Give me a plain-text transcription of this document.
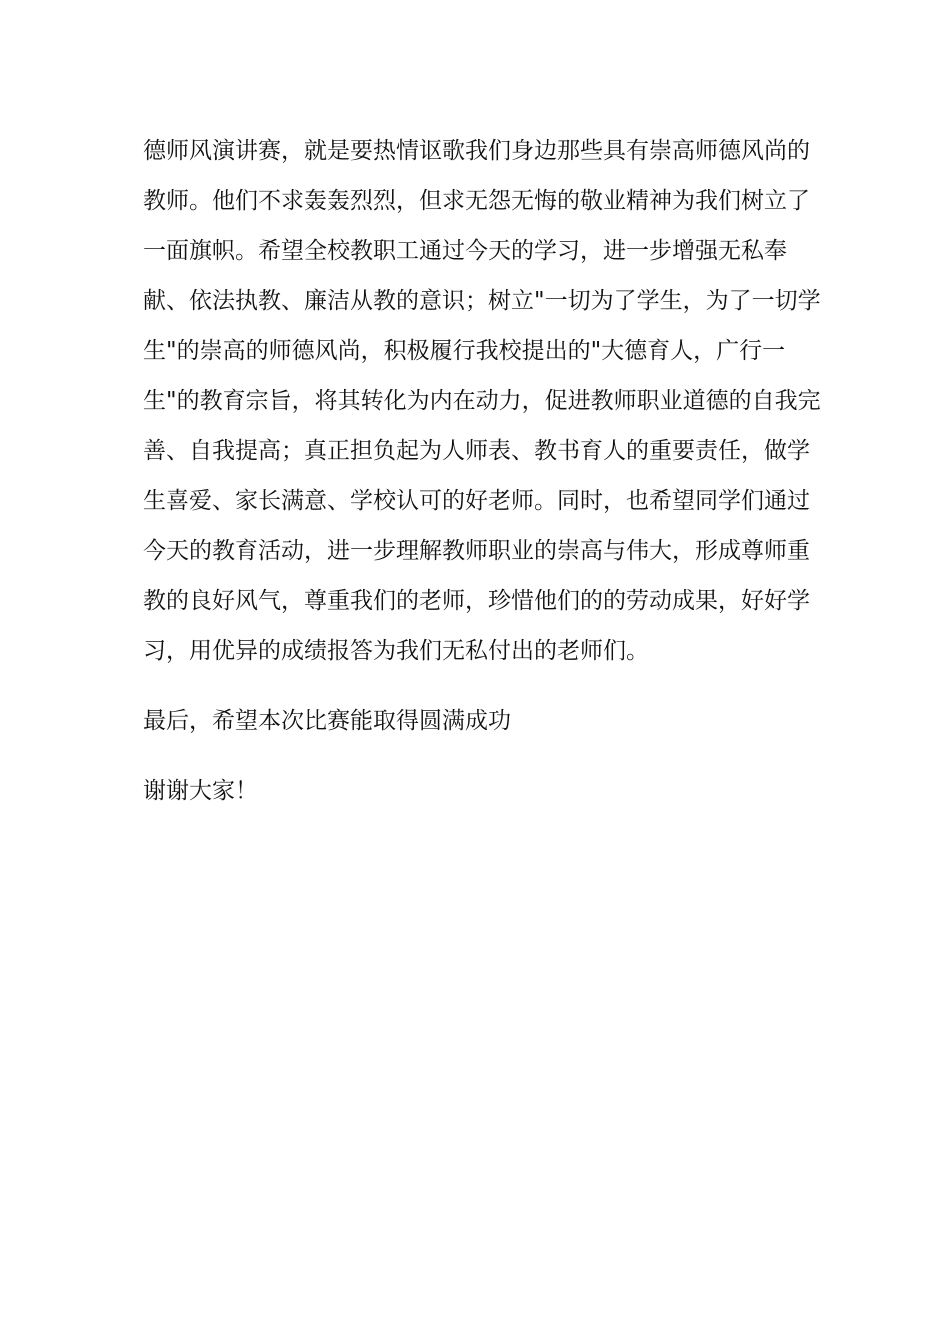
德师风演讲赛，就是要热情讴歌我们身边那些具有崇高师德风尚的教师。他们不求轰轰烈烈，但求无怨无悔的敬业精神为我们树立了一面旗帜。希望全校教职工通过今天的学习，进一步增强无私奉献、依法执教、廉洁从教的意识；树立"一切为了学生，为了一切学生"的崇高的师德风尚，积极履行我校提出的"大德育人，广行一生"的教育宗旨，将其转化为内在动力，促进教师职业道德的自我完善、自我提高；真正担负起为人师表、教书育人的重要责任，做学生喜爱、家长满意、学校认可的好老师。同时，也希望同学们通过今天的教育活动，进一步理解教师职业的崇高与伟大，形成尊师重教的良好风气，尊重我们的老师，珍惜他们的的劳动成果，好好学习，用优异的成绩报答为我们无私付出的老师们。

最后，希望本次比赛能取得圆满成功

谢谢大家！
